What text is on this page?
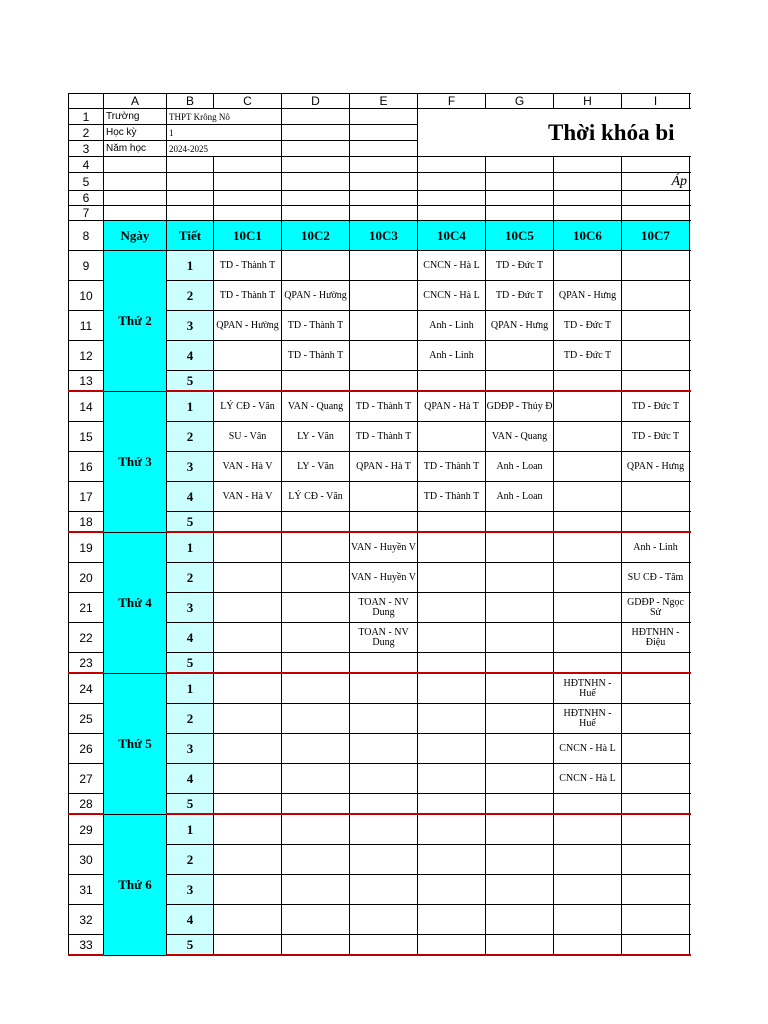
	A	B	C	D	E	F	G	H	I	
1	Trường	THPT Krông Nô				Thời khóa bi				
2	Học kỳ	1								
3	Năm học	2024-2025								
4										
5									Áp	
6										
7										
8	Ngày	Tiết	10C1	10C2	10C3	10C4	10C5	10C6	10C7	
9	Thứ 2	1	TD - Thành T			CNCN - Hà L	TD - Đức T			
10		2	TD - Thành T	QPAN - Hường		CNCN - Hà L	TD - Đức T	QPAN - Hưng		
11		3	QPAN - Hường	TD - Thành T		Anh - Linh	QPAN - Hưng	TD - Đức T		
12		4		TD - Thành T		Anh - Linh		TD - Đức T		
13		5								
14	Thứ 3	1	LÝ CĐ - Văn	VAN - Quang	TD - Thành T	QPAN - Hà T	GDĐP - Thủy Đ		TD - Đức T	
15		2	SU - Vân	LY - Văn	TD - Thành T		VAN - Quang		TD - Đức T	
16		3	VAN - Hà V	LY - Văn	QPAN - Hà T	TD - Thành T	Anh - Loan		QPAN - Hưng	
17		4	VAN - Hà V	LÝ CĐ - Văn		TD - Thành T	Anh - Loan			
18		5								
19	Thứ 4	1			VAN - Huyền V				Anh - Linh	
20		2			VAN - Huyền V				SU CĐ - Tâm	
21		3			TOAN - NV Dung				GDĐP - Ngọc Sử	
22		4			TOAN - NV Dung				HĐTNHN - Điệu	
23		5								
24	Thứ 5	1						HĐTNHN - Huế		
25		2						HĐTNHN - Huế		
26		3						CNCN - Hà L		
27		4						CNCN - Hà L		
28		5								
29	Thứ 6	1								
30		2								
31		3								
32		4								
33		5								
